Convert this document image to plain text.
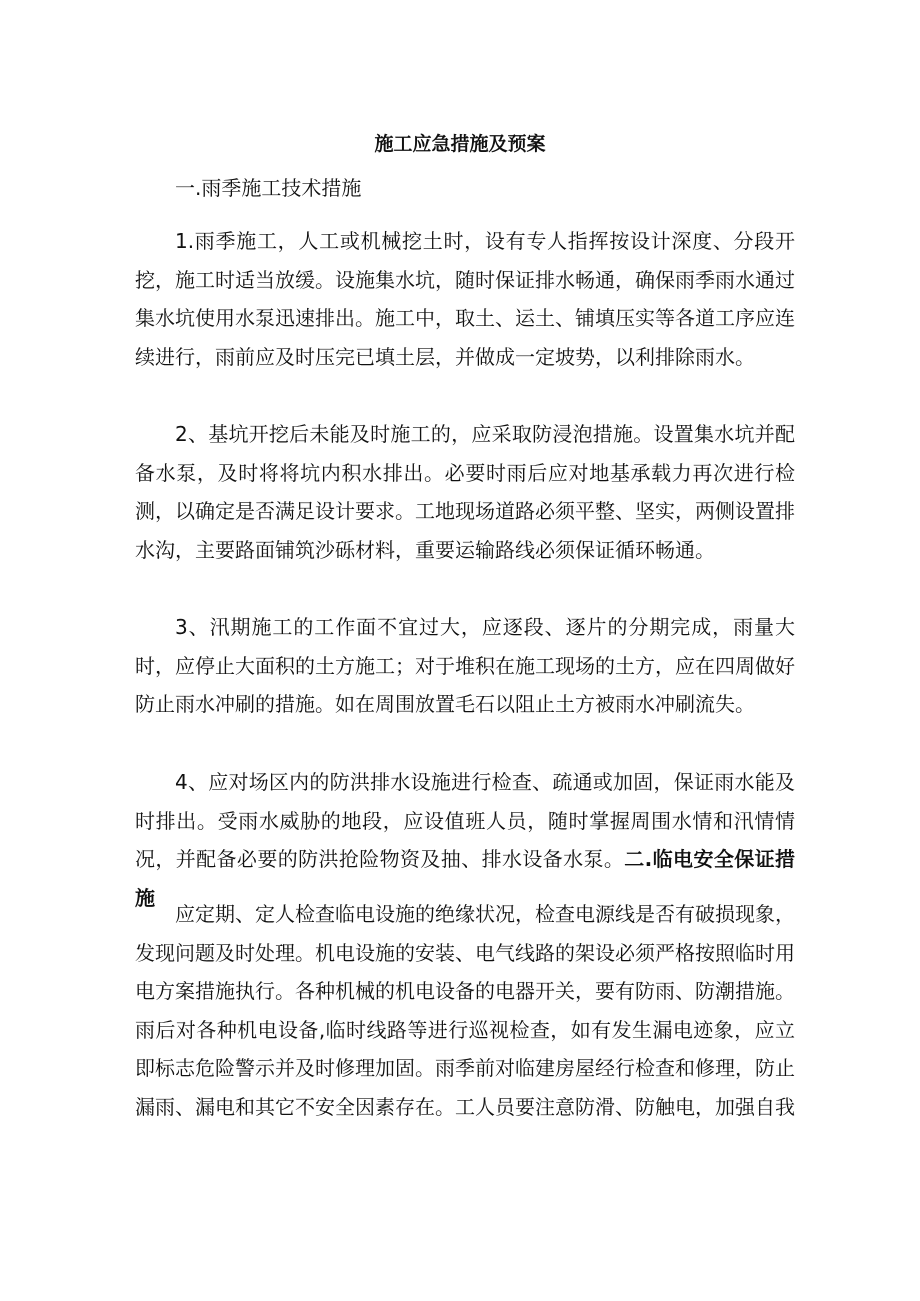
施工应急措施及预案

一.雨季施工技术措施

1.雨季施工，人工或机械挖土时，设有专人指挥按设计深度、分段开挖，施工时适当放缓。设施集水坑，随时保证排水畅通，确保雨季雨水通过集水坑使用水泵迅速排出。施工中，取土、运土、铺填压实等各道工序应连续进行，雨前应及时压完已填土层，并做成一定坡势，以利排除雨水。

2、基坑开挖后未能及时施工的，应采取防浸泡措施。设置集水坑并配备水泵，及时将将坑内积水排出。必要时雨后应对地基承载力再次进行检测，以确定是否满足设计要求。工地现场道路必须平整、坚实，两侧设置排水沟，主要路面铺筑沙砾材料，重要运输路线必须保证循环畅通。

3、汛期施工的工作面不宜过大，应逐段、逐片的分期完成，雨量大时，应停止大面积的土方施工；对于堆积在施工现场的土方，应在四周做好防止雨水冲刷的措施。如在周围放置毛石以阻止土方被雨水冲刷流失。

4、应对场区内的防洪排水设施进行检查、疏通或加固，保证雨水能及时排出。受雨水威胁的地段，应设值班人员，随时掌握周围水情和汛情情况，并配备必要的防洪抢险物资及抽、排水设备水泵。二.临电安全保证措施

应定期、定人检查临电设施的绝缘状况，检查电源线是否有破损现象，发现问题及时处理。机电设施的安装、电气线路的架设必须严格按照临时用电方案措施执行。各种机械的机电设备的电器开关，要有防雨、防潮措施。雨后对各种机电设备,临时线路等进行巡视检查，如有发生漏电迹象，应立即标志危险警示并及时修理加固。雨季前对临建房屋经行检查和修理，防止漏雨、漏电和其它不安全因素存在。工人员要注意防滑、防触电，加强自我
